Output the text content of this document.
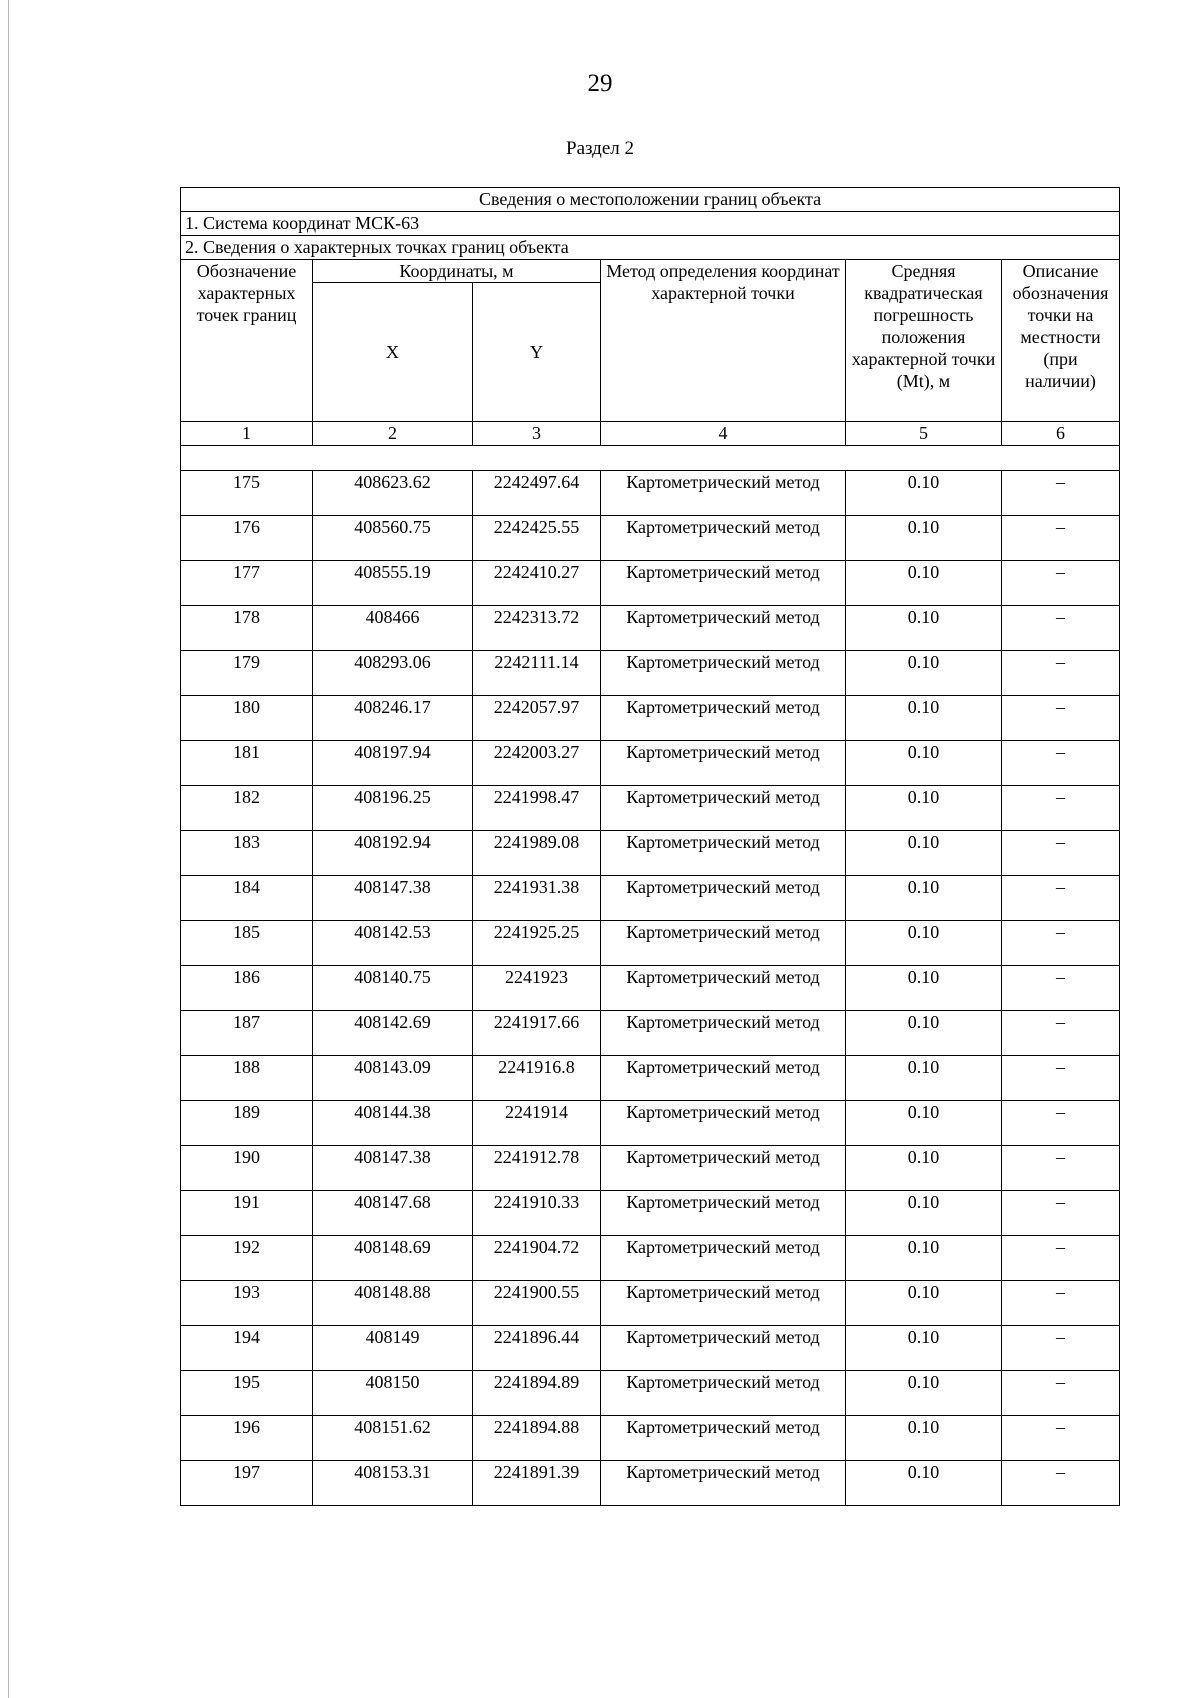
29
Раздел 2
Сведения о местоположении границ объекта					
1. Система координат МСК-63					
2. Сведения о характерных точках границ объекта					
Обозначение характерных точек границ	Координаты, м		Метод определения координат характерной точки	Средняя квадратическая погрешность положения характерной точки (Mt), м	Описание обозначения точки на местности (при наличии)
	X	Y			
1	2	3	4	5	6

175	408623.62	2242497.64	Картометрический метод	0.10	–
176	408560.75	2242425.55	Картометрический метод	0.10	–
177	408555.19	2242410.27	Картометрический метод	0.10	–
178	408466	2242313.72	Картометрический метод	0.10	–
179	408293.06	2242111.14	Картометрический метод	0.10	–
180	408246.17	2242057.97	Картометрический метод	0.10	–
181	408197.94	2242003.27	Картометрический метод	0.10	–
182	408196.25	2241998.47	Картометрический метод	0.10	–
183	408192.94	2241989.08	Картометрический метод	0.10	–
184	408147.38	2241931.38	Картометрический метод	0.10	–
185	408142.53	2241925.25	Картометрический метод	0.10	–
186	408140.75	2241923	Картометрический метод	0.10	–
187	408142.69	2241917.66	Картометрический метод	0.10	–
188	408143.09	2241916.8	Картометрический метод	0.10	–
189	408144.38	2241914	Картометрический метод	0.10	–
190	408147.38	2241912.78	Картометрический метод	0.10	–
191	408147.68	2241910.33	Картометрический метод	0.10	–
192	408148.69	2241904.72	Картометрический метод	0.10	–
193	408148.88	2241900.55	Картометрический метод	0.10	–
194	408149	2241896.44	Картометрический метод	0.10	–
195	408150	2241894.89	Картометрический метод	0.10	–
196	408151.62	2241894.88	Картометрический метод	0.10	–
197	408153.31	2241891.39	Картометрический метод	0.10	–
